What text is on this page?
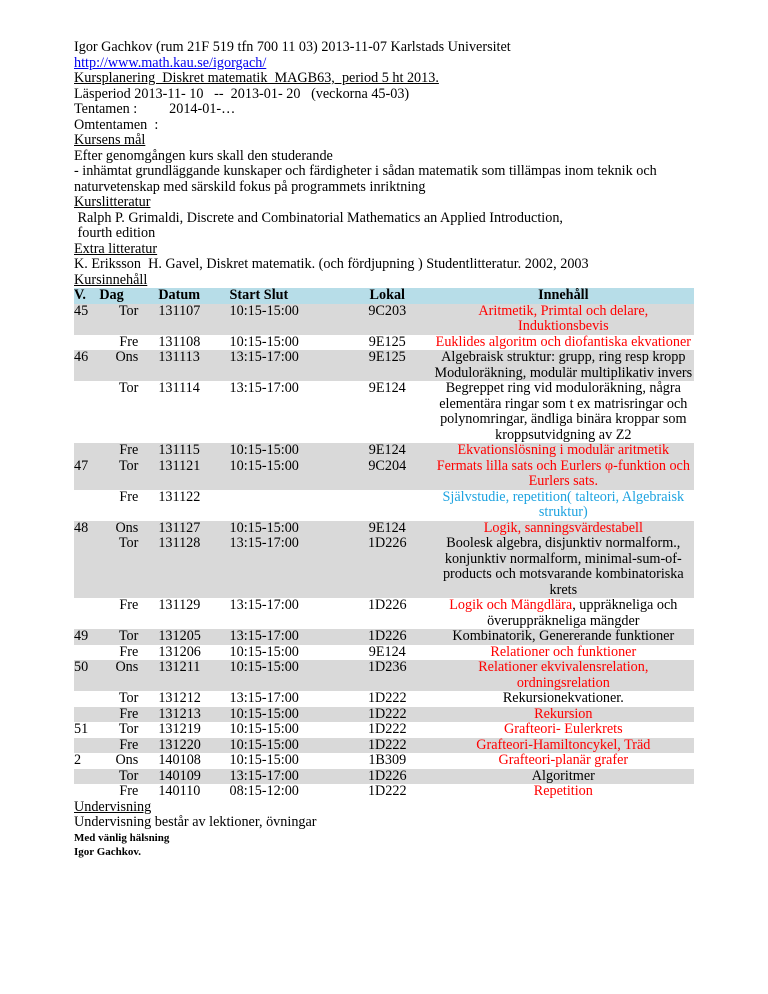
Igor Gachkov (rum 21F 519 tfn 700 11 03) 2013-11-07 Karlstads Universitet
http://www.math.kau.se/igorgach/
Kursplanering  Diskret matematik  MAGB63,  period 5 ht 2013.
Läsperiod 2013-11- 10   --  2013-01- 20   (veckorna 45-03)
Tentamen :         2014-01-…
Omtentamen  :
Kursens mål
Efter genomgången kurs skall den studerande
- inhämtat grundläggande kunskaper och färdigheter i sådan matematik som tillämpas inom teknik och naturvetenskap med särskild fokus på programmets inriktning
Kurslitteratur
Ralph P. Grimaldi, Discrete and Combinatorial Mathematics an Applied Introduction,
fourth edition
Extra litteratur
K. Eriksson  H. Gavel, Diskret matematik. (och fördjupning ) Studentlitteratur. 2002, 2003
Kursinnehåll
V.	Dag	Datum	Start Slut	Lokal	Innehåll
45	Tor	131107	10:15-15:00	9C203	Aritmetik, Primtal och delare, Induktionsbevis
	Fre	131108	10:15-15:00	9E125	Euklides algoritm och diofantiska ekvationer
46	Ons	131113	13:15-17:00	9E125	Algebraisk struktur: grupp, ring resp kropp Moduloräkning, modulär multiplikativ invers
	Tor	131114	13:15-17:00	9E124	Begreppet ring vid moduloräkning, några elementära ringar som t ex matrisringar och polynomringar, ändliga binära kroppar som kroppsutvidgning av Z2
	Fre	131115	10:15-15:00	9E124	Ekvationslösning i modulär aritmetik
47	Tor	131121	10:15-15:00	9C204	Fermats lilla sats och Eurlers φ-funktion och Eurlers sats.
	Fre	131122			Självstudie, repetition( talteori, Algebraisk struktur)
48	Ons	131127	10:15-15:00	9E124	Logik, sanningsvärdestabell
	Tor	131128	13:15-17:00	1D226	Boolesk algebra, disjunktiv normalform., konjunktiv normalform, minimal-sum-of-products och motsvarande kombinatoriska krets
	Fre	131129	13:15-17:00	1D226	Logik och Mängdlära, uppräkneliga och överuppräkneliga mängder
49	Tor	131205	13:15-17:00	1D226	Kombinatorik, Genererande funktioner
	Fre	131206	10:15-15:00	9E124	Relationer och funktioner
50	Ons	131211	10:15-15:00	1D236	Relationer ekvivalensrelation, ordningsrelation
	Tor	131212	13:15-17:00	1D222	Rekursionekvationer.
	Fre	131213	10:15-15:00	1D222	Rekursion
51	Tor	131219	10:15-15:00	1D222	Grafteori- Eulerkrets
	Fre	131220	10:15-15:00	1D222	Grafteori-Hamiltoncykel, Träd
2	Ons	140108	10:15-15:00	1B309	Grafteori-planär grafer
	Tor	140109	13:15-17:00	1D226	Algoritmer
	Fre	140110	08:15-12:00	1D222	Repetition
Undervisning
Undervisning består av lektioner, övningar
Med vänlig hälsning
Igor Gachkov.
